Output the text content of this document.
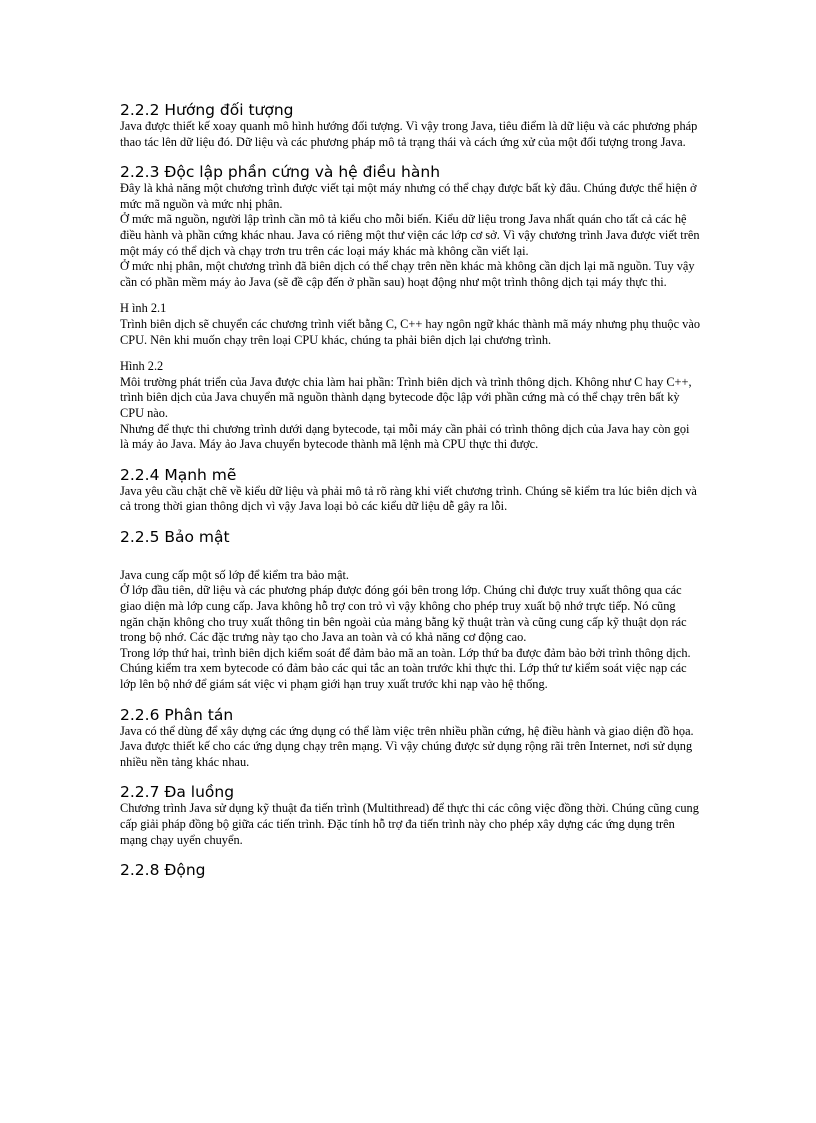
2.2.2 Hướng đối tượng

Java được thiết kế xoay quanh mô hình hướng đối tượng. Vì vậy trong Java, tiêu điểm là dữ liệu và các phương pháp thao tác lên dữ liệu đó. Dữ liệu và các phương pháp mô tả trạng thái và cách ứng xử của một đối tượng trong Java.

2.2.3 Độc lập phần cứng và hệ điều hành

Đây là khả năng một chương trình được viết tại một máy nhưng có thể chạy được bất kỳ đâu. Chúng được thể hiện ở mức mã nguồn và mức nhị phân.

Ở mức mã nguồn, người lập trình cần mô tả kiểu cho mỗi biến. Kiểu dữ liệu trong Java nhất quán cho tất cả các hệ điều hành và phần cứng khác nhau. Java có riêng một thư viện các lớp cơ sở. Vì vậy chương trình Java được viết trên một máy có thể dịch và chạy trơn tru trên các loại máy khác mà không cần viết lại.

Ở mức nhị phân, một chương trình đã biên dịch có thể chạy trên nền khác mà không cần dịch lại mã nguồn. Tuy vậy cần có phần mềm máy ảo Java (sẽ đề cập đến ở phần sau) hoạt động như một trình thông dịch tại máy thực thi.

H ình 2.1

Trình biên dịch sẽ chuyển các chương trình viết bằng C, C++ hay ngôn ngữ khác thành mã máy nhưng phụ thuộc vào CPU. Nên khi muốn chạy trên loại CPU khác, chúng ta phải biên dịch lại chương trình.

Hình 2.2

Môi trường phát triển của Java được chia làm hai phần: Trình biên dịch và trình thông dịch. Không như C hay C++, trình biên dịch của Java chuyển mã nguồn thành dạng bytecode độc lập với phần cứng mà có thể chạy trên bất kỳ CPU nào.

Nhưng để thực thi chương trình dưới dạng bytecode, tại mỗi máy cần phải có trình thông dịch của Java hay còn gọi là máy ảo Java. Máy ảo Java chuyển bytecode thành mã lệnh mà CPU thực thi được.

2.2.4 Mạnh mẽ

Java yêu cầu chặt chẽ về kiểu dữ liệu và phải mô tả rõ ràng khi viết chương trình. Chúng sẽ kiểm tra lúc biên dịch và cả trong thời gian thông dịch vì vậy Java loại bỏ các kiểu dữ liệu dễ gây ra lỗi.

2.2.5 Bảo mật

Java cung cấp một số lớp để kiểm tra bảo mật.

Ở lớp đầu tiên, dữ liệu và các phương pháp được đóng gói bên trong lớp. Chúng chỉ được truy xuất thông qua các giao diện mà lớp cung cấp. Java không hỗ trợ con trỏ vì vậy không cho phép truy xuất bộ nhớ trực tiếp. Nó cũng ngăn chặn không cho truy xuất thông tin bên ngoài của mảng bằng kỹ thuật tràn và cũng cung cấp kỹ thuật dọn rác trong bộ nhớ. Các đặc trưng này tạo cho Java an toàn và có khả năng cơ động cao.

Trong lớp thứ hai, trình biên dịch kiểm soát để đảm bảo mã an toàn. Lớp thứ ba được đảm bảo bởi trình thông dịch. Chúng kiểm tra xem bytecode có đảm bảo các qui tắc an toàn trước khi thực thi. Lớp thứ tư kiểm soát việc nạp các lớp lên bộ nhớ để giám sát việc vi phạm giới hạn truy xuất trước khi nạp vào hệ thống.

2.2.6 Phân tán

Java có thể dùng để xây dựng các ứng dụng có thể làm việc trên nhiều phần cứng, hệ điều hành và giao diện đồ họa. Java được thiết kế cho các ứng dụng chạy trên mạng. Vì vậy chúng được sử dụng rộng rãi trên Internet, nơi sử dụng nhiều nền tảng khác nhau.

2.2.7 Đa luồng

Chương trình Java sử dụng kỹ thuật đa tiến trình (Multithread) để thực thi các công việc đồng thời. Chúng cũng cung cấp giải pháp đồng bộ giữa các tiến trình. Đặc tính hỗ trợ đa tiến trình này cho phép xây dựng các ứng dụng trên mạng chạy uyển chuyển.

2.2.8 Động
